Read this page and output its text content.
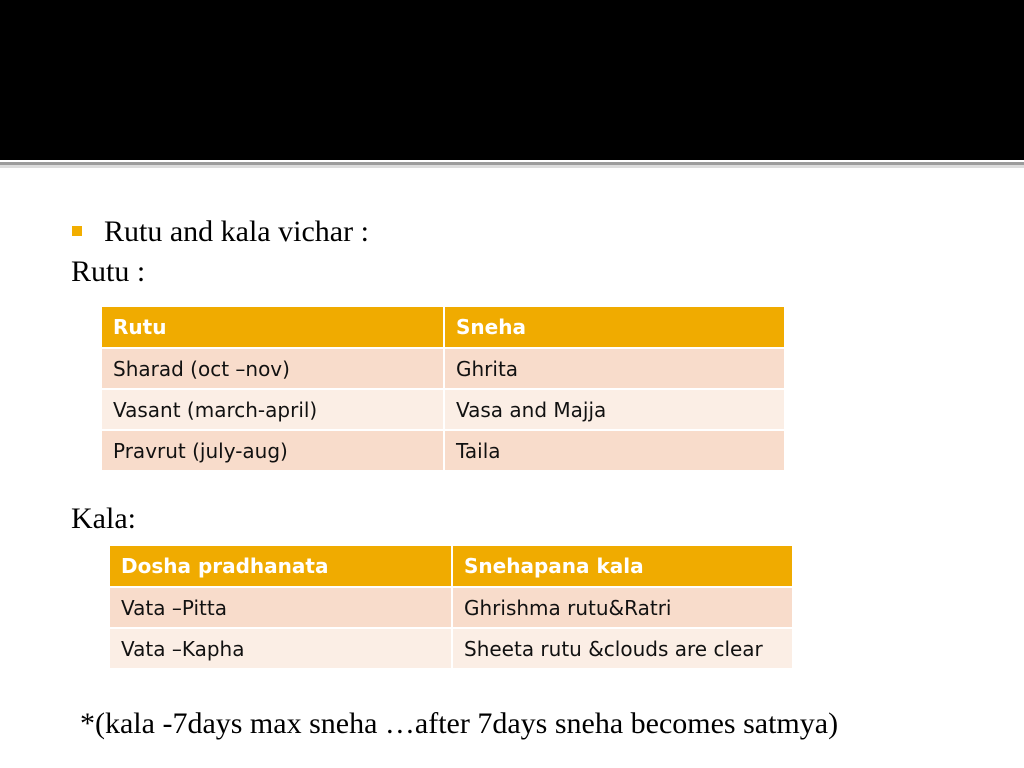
Rutu and kala vichar :
Rutu :
Rutu	Sneha
Sharad (oct –nov)	Ghrita
Vasant (march-april)	Vasa and Majja
Pravrut (july-aug)	Taila
Kala:
Dosha pradhanata	Snehapana kala
Vata –Pitta	Ghrishma rutu&Ratri
Vata –Kapha	Sheeta rutu &clouds are clear
*(kala -7days max sneha …after 7days sneha becomes satmya)
